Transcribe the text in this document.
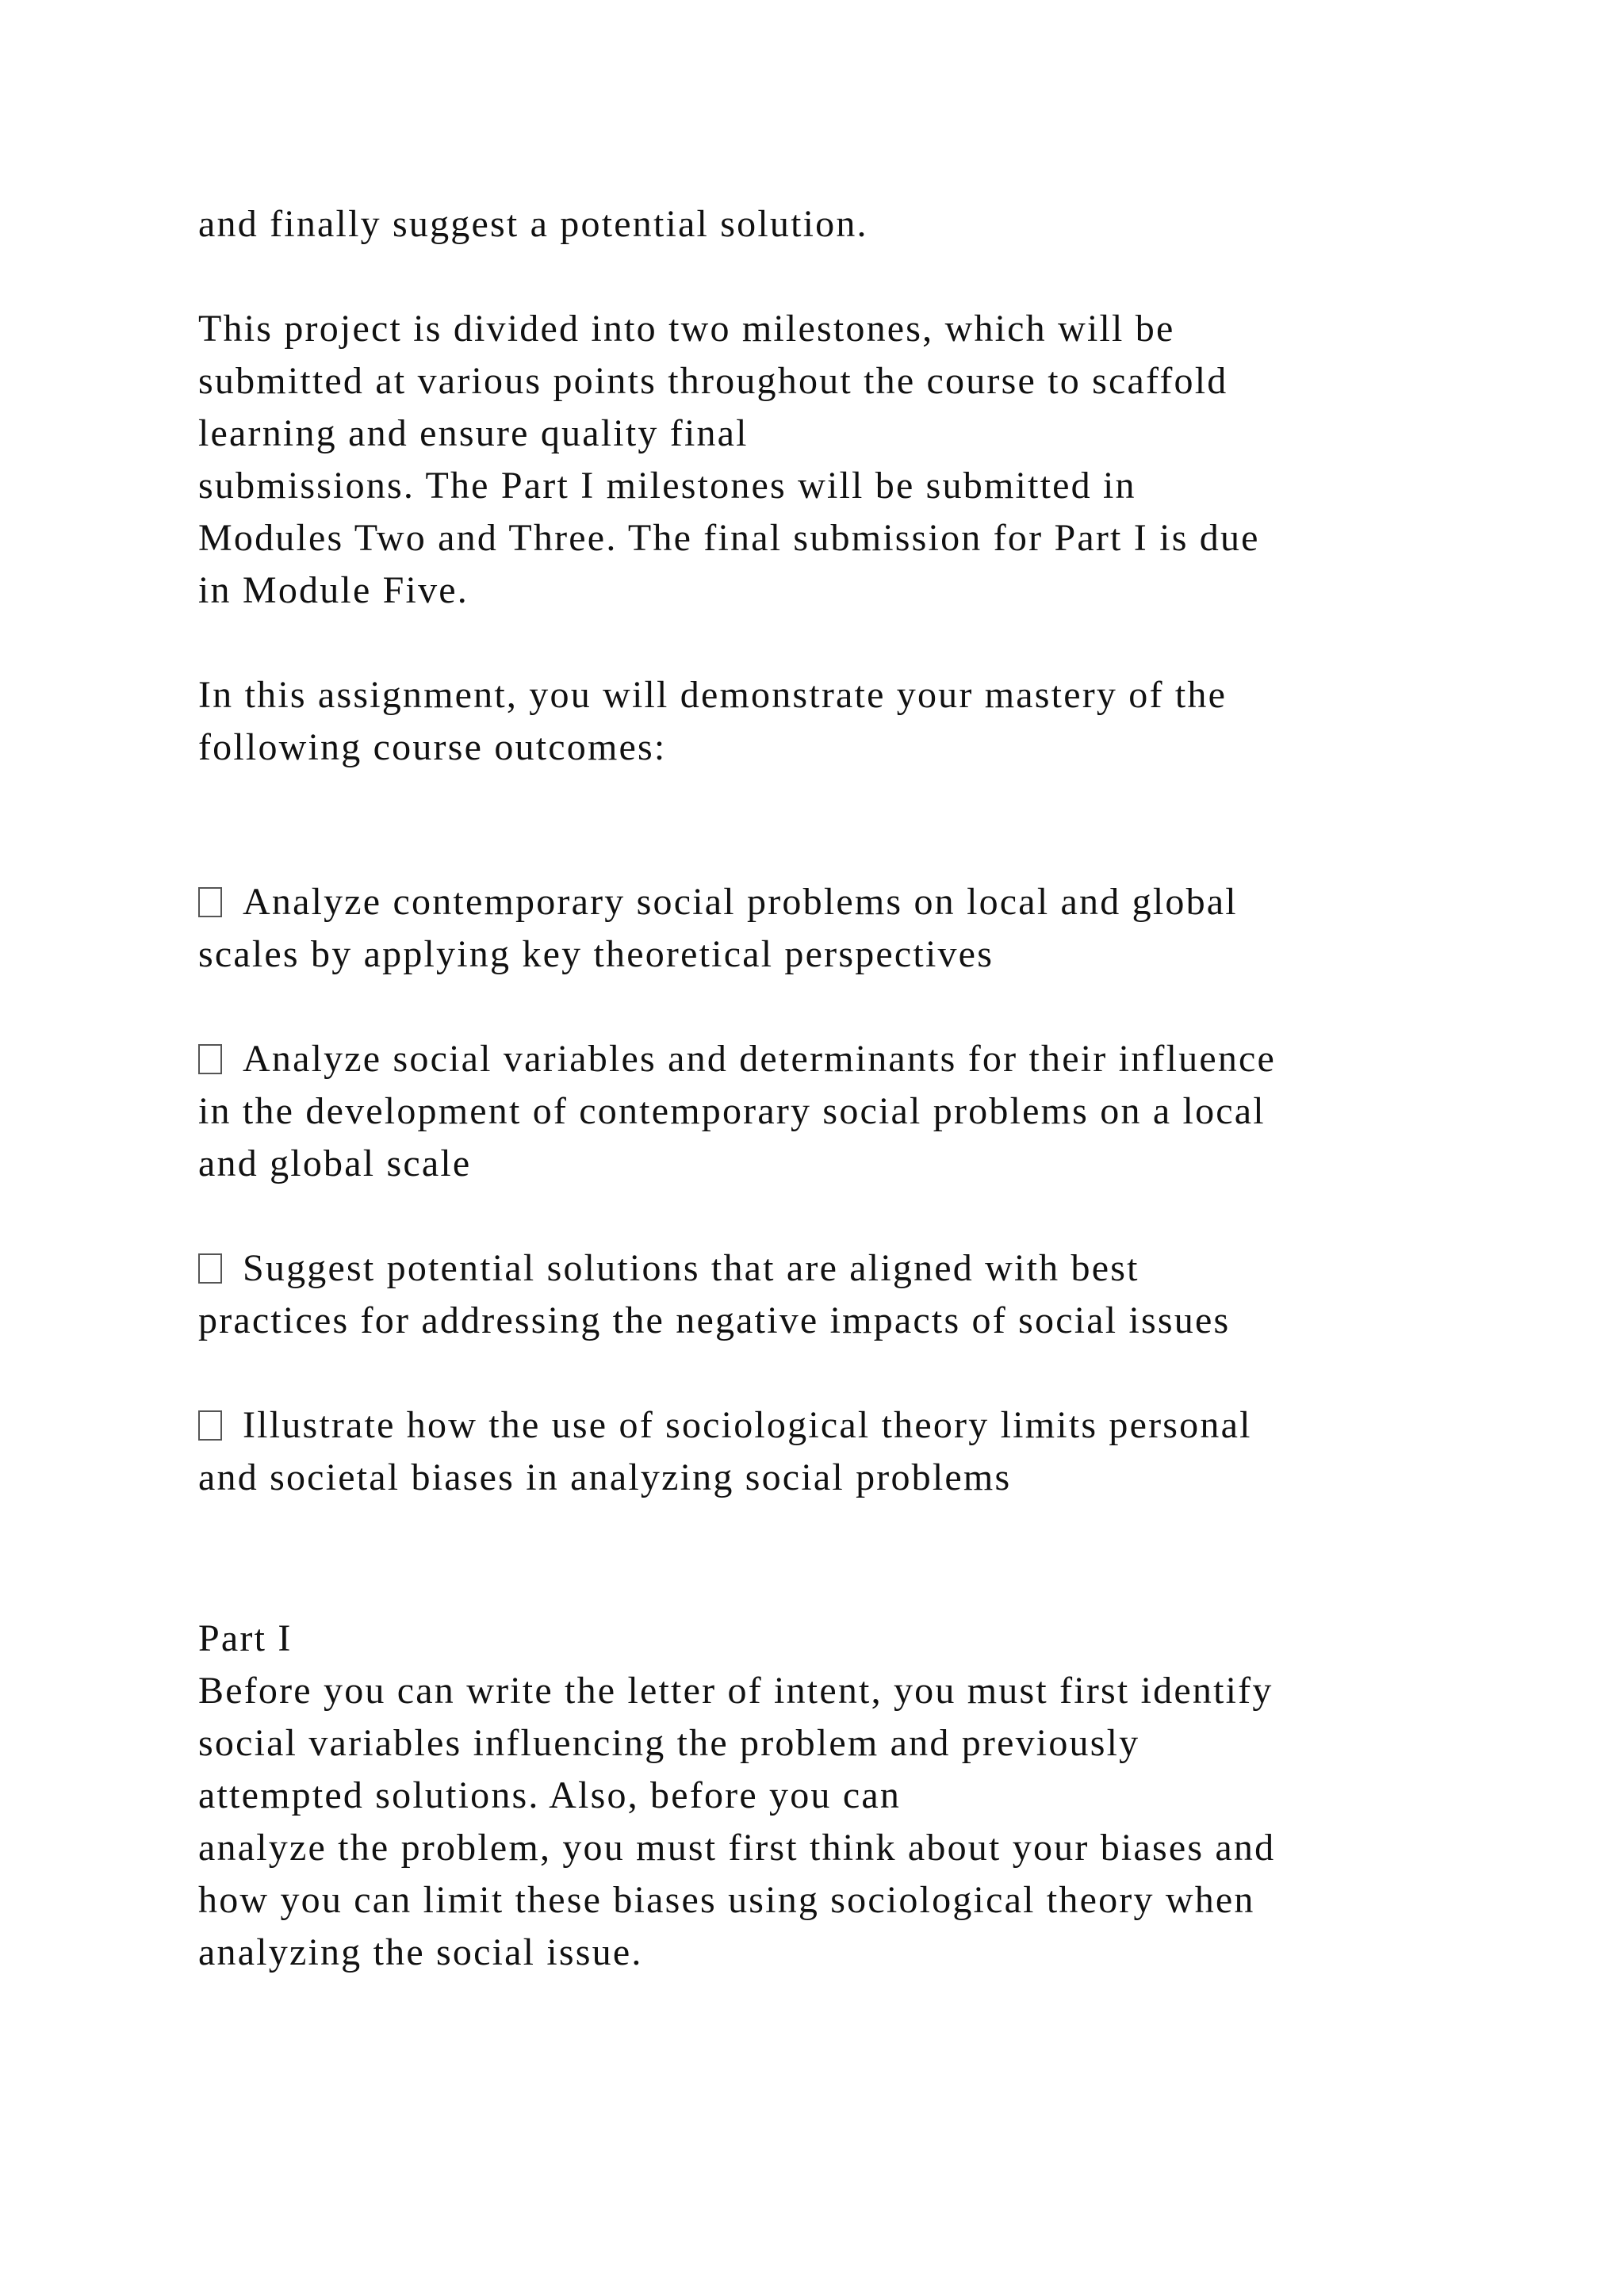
and finally suggest a potential solution.
This project is divided into two milestones, which will be
submitted at various points throughout the course to scaffold
learning and ensure quality final
submissions. The Part I milestones will be submitted in
Modules Two and Three. The final submission for Part I is due
in Module Five.
In this assignment, you will demonstrate your mastery of the
following course outcomes:
Analyze contemporary social problems on local and global
scales by applying key theoretical perspectives
Analyze social variables and determinants for their influence
in the development of contemporary social problems on a local
and global scale
Suggest potential solutions that are aligned with best
practices for addressing the negative impacts of social issues
Illustrate how the use of sociological theory limits personal
and societal biases in analyzing social problems
Part I
Before you can write the letter of intent, you must first identify
social variables influencing the problem and previously
attempted solutions. Also, before you can
analyze the problem, you must first think about your biases and
how you can limit these biases using sociological theory when
analyzing the social issue.
